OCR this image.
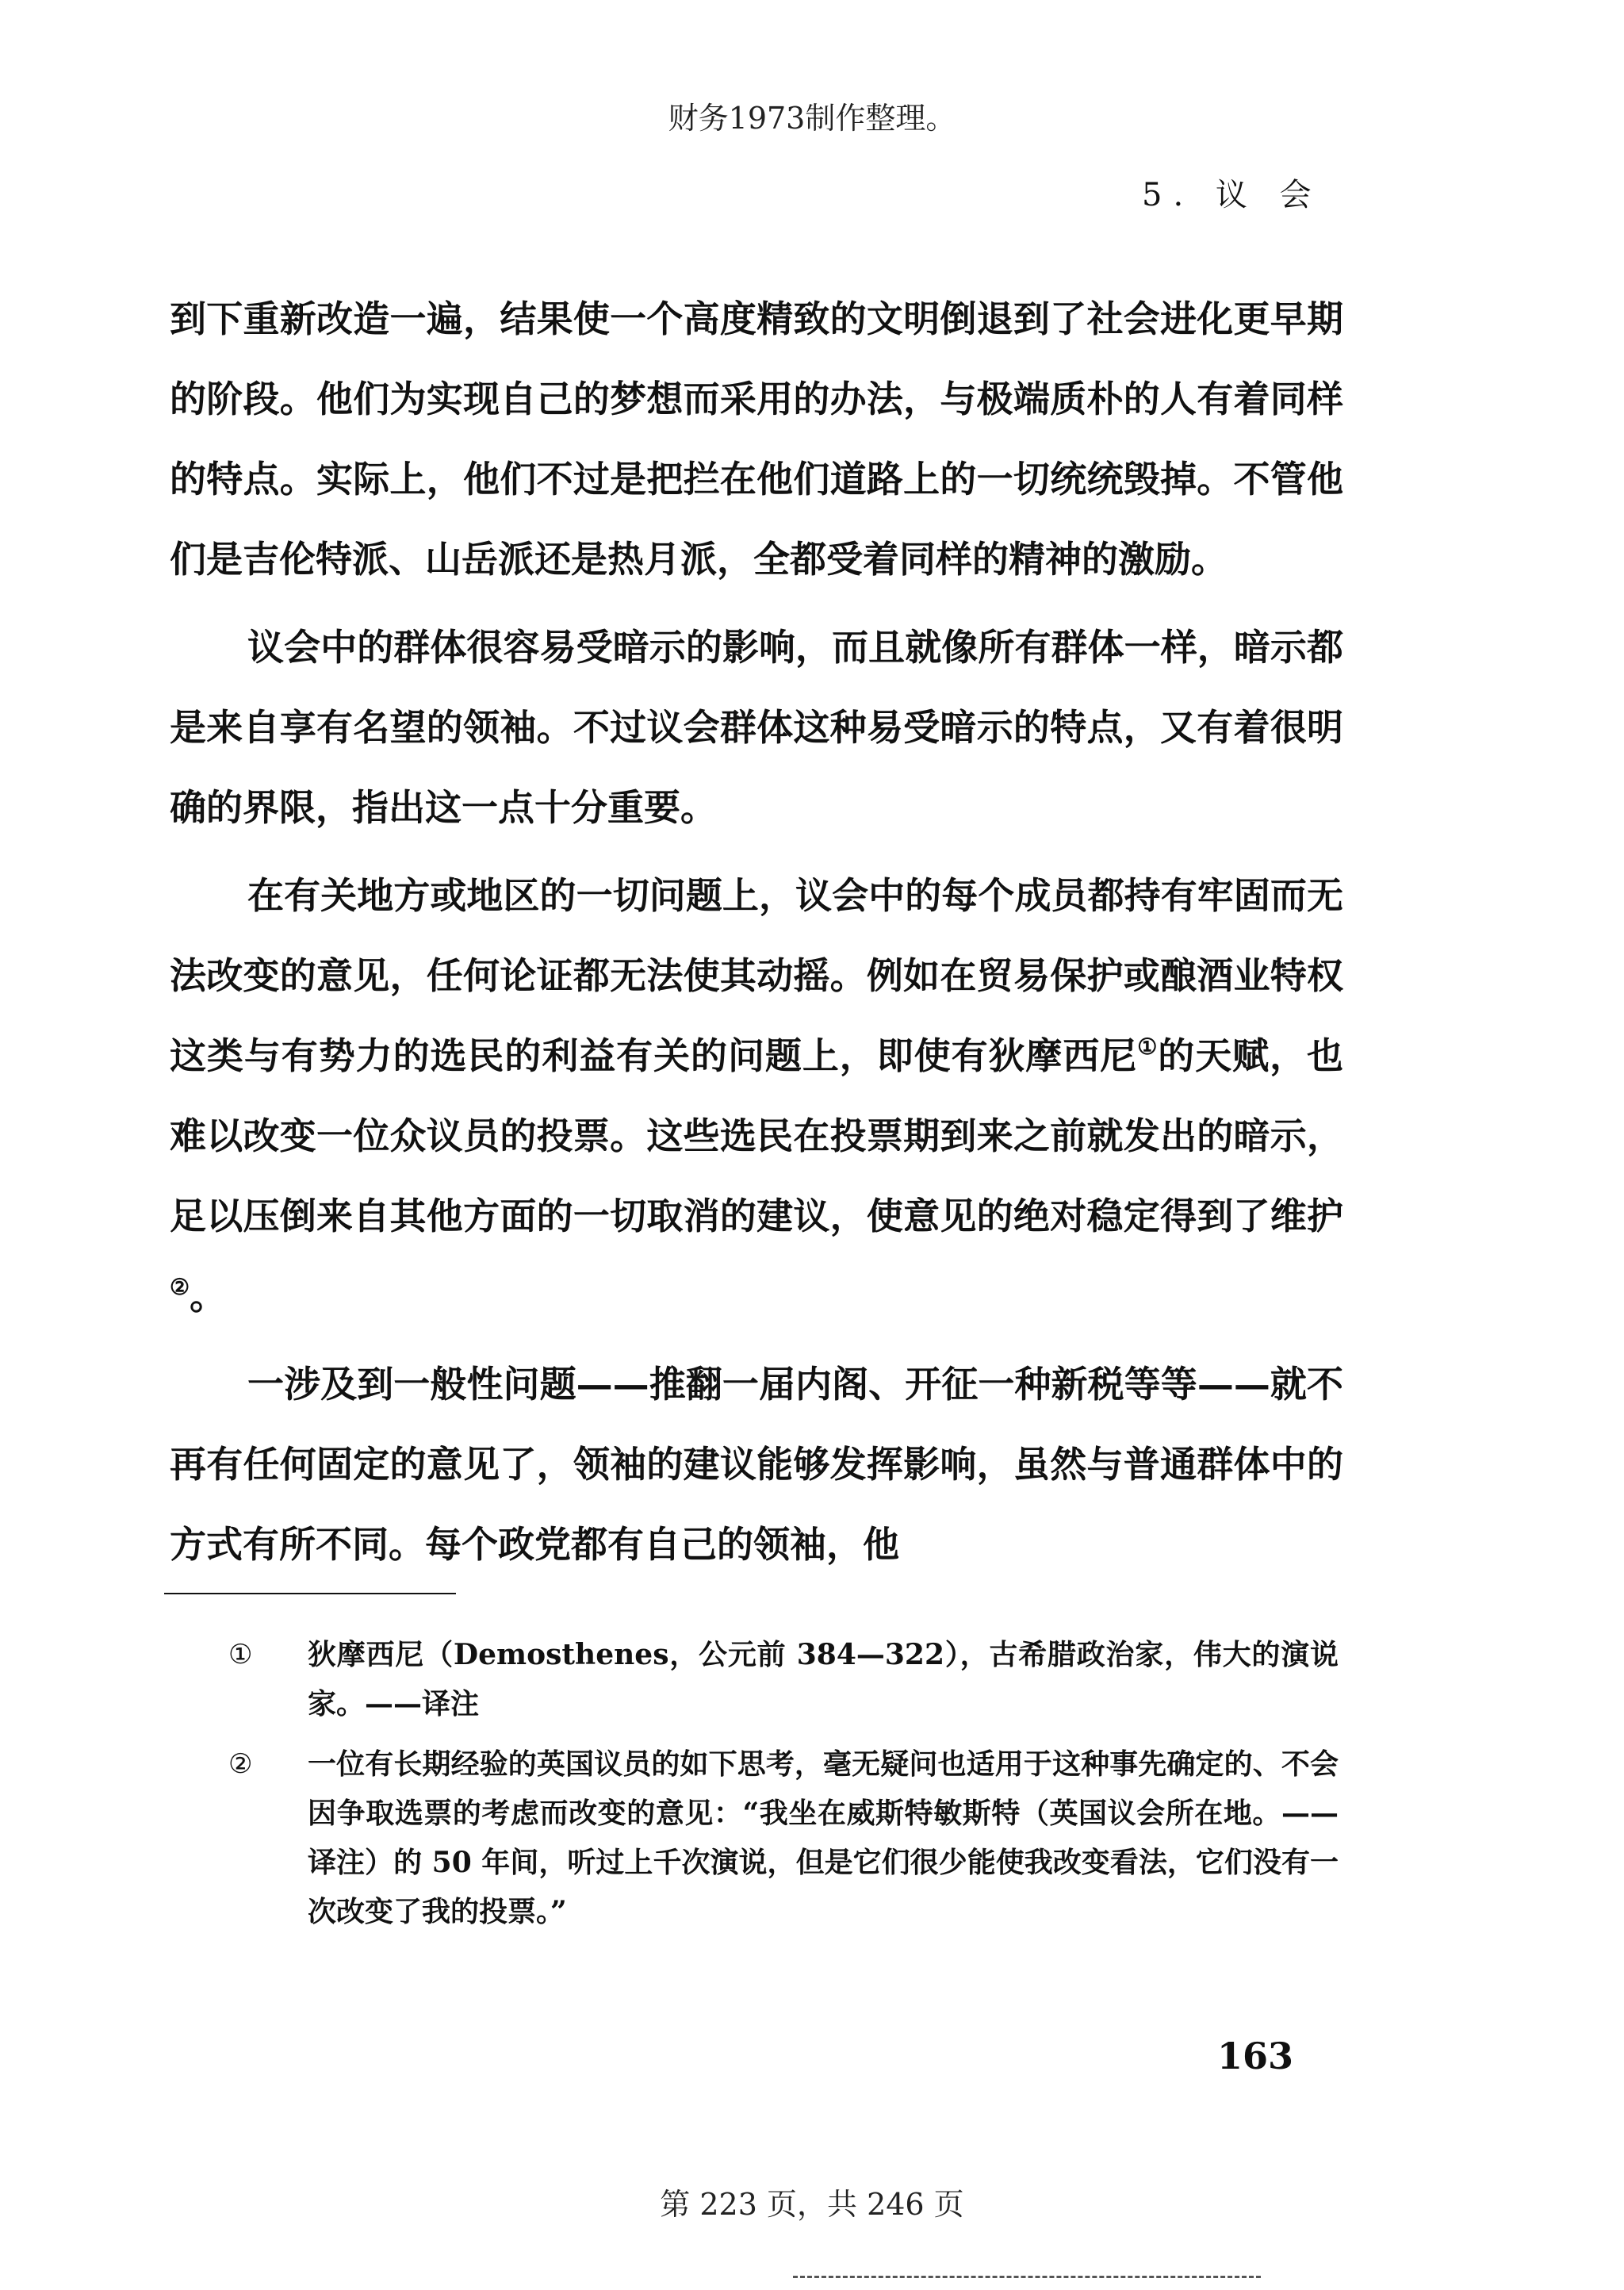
财务1973制作整理。
5. 议 会

到下重新改造一遍，结果使一个高度精致的文明倒退到了社会进化更早期的阶段。他们为实现自己的梦想而采用的办法，与极端质朴的人有着同样的特点。实际上，他们不过是把拦在他们道路上的一切统统毁掉。不管他们是吉伦特派、山岳派还是热月派，全都受着同样的精神的激励。

议会中的群体很容易受暗示的影响，而且就像所有群体一样，暗示都是来自享有名望的领袖。不过议会群体这种易受暗示的特点，又有着很明确的界限，指出这一点十分重要。

在有关地方或地区的一切问题上，议会中的每个成员都持有牢固而无法改变的意见，任何论证都无法使其动摇。例如在贸易保护或酿酒业特权这类与有势力的选民的利益有关的问题上，即使有狄摩西尼①的天赋，也难以改变一位众议员的投票。这些选民在投票期到来之前就发出的暗示，足以压倒来自其他方面的一切取消的建议，使意见的绝对稳定得到了维护②。

一涉及到一般性问题——推翻一届内阁、开征一种新税等等——就不再有任何固定的意见了，领袖的建议能够发挥影响，虽然与普通群体中的方式有所不同。每个政党都有自己的领袖，他

① 狄摩西尼（Demosthenes，公元前 384—322），古希腊政治家，伟大的演说家。——译注
② 一位有长期经验的英国议员的如下思考，毫无疑问也适用于这种事先确定的、不会因争取选票的考虑而改变的意见：“我坐在威斯特敏斯特（英国议会所在地。——译注）的 50 年间，听过上千次演说，但是它们很少能使我改变看法，它们没有一次改变了我的投票。”
163
第 223 页，共 246 页
